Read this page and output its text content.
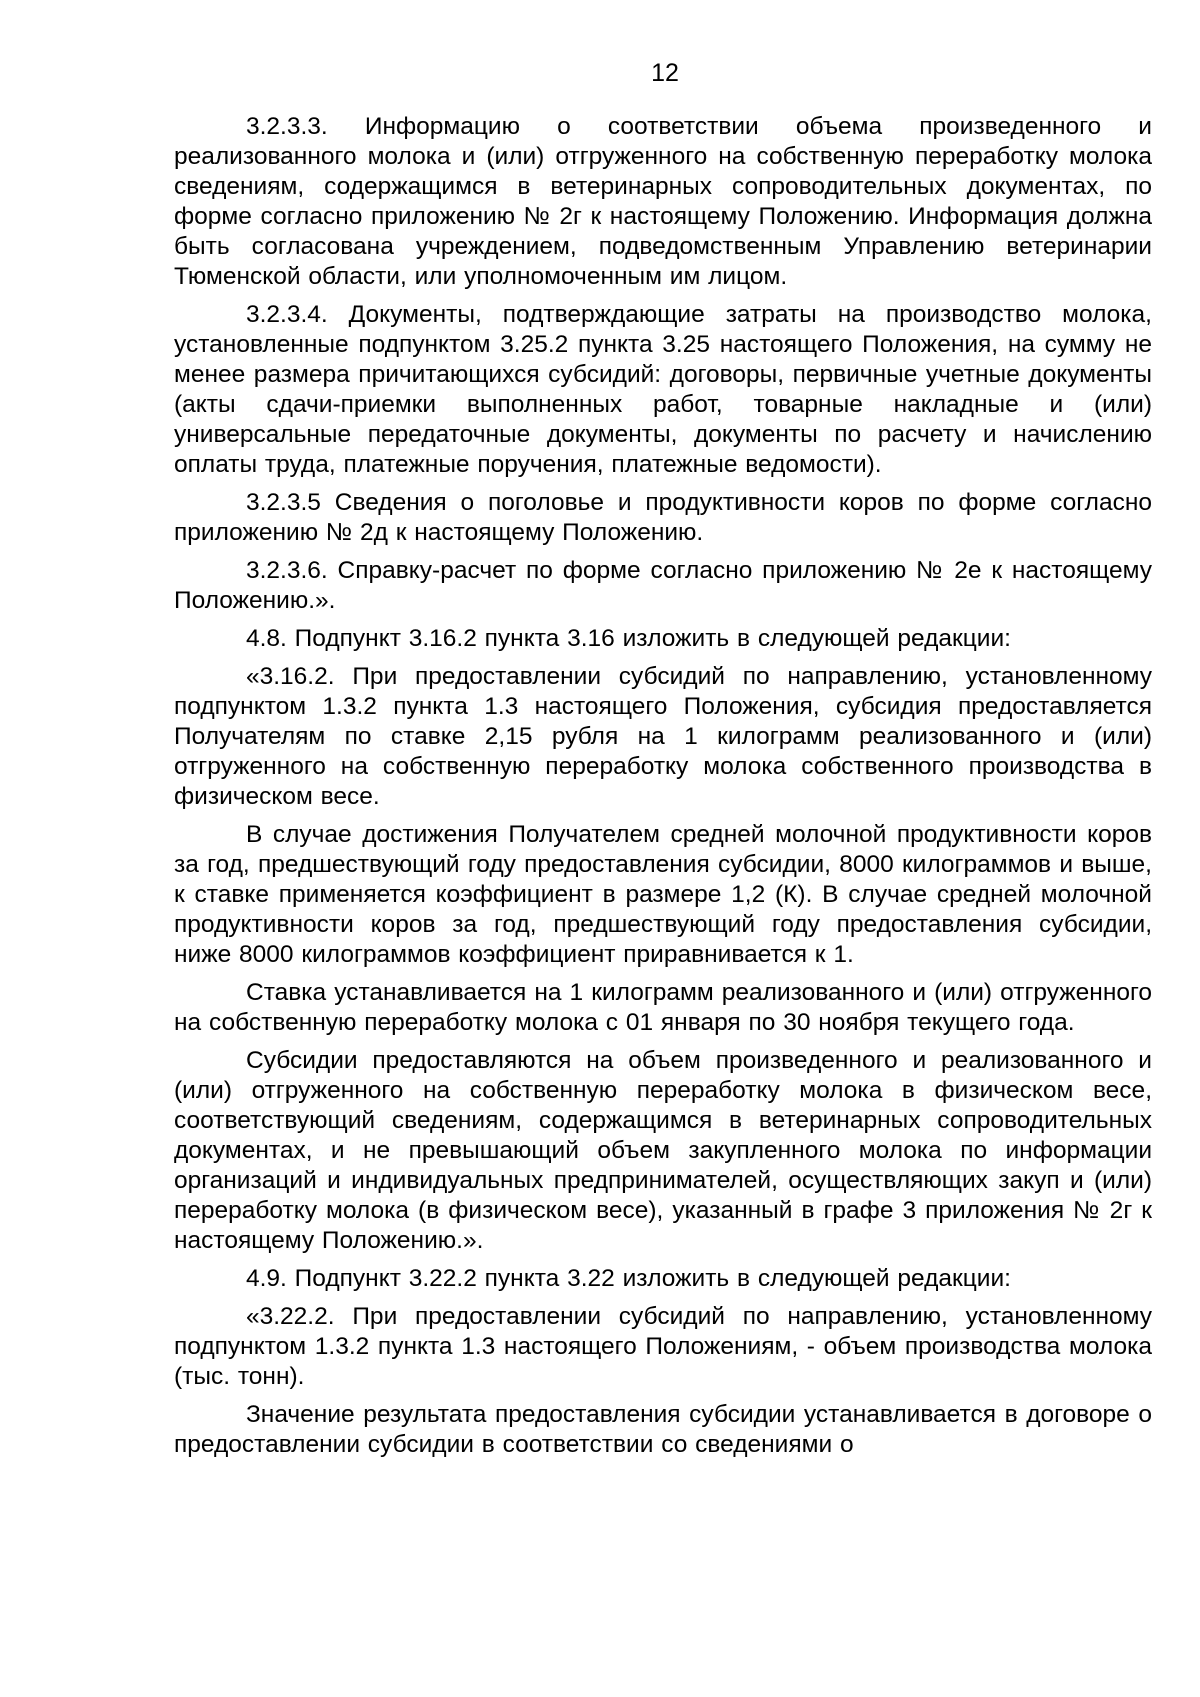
12

3.2.3.3. Информацию о соответствии объема произведенного и реализованного молока и (или) отгруженного на собственную переработку молока сведениям, содержащимся в ветеринарных сопроводительных документах, по форме согласно приложению № 2г к настоящему Положению. Информация должна быть согласована учреждением, подведомственным Управлению ветеринарии Тюменской области, или уполномоченным им лицом.

3.2.3.4. Документы, подтверждающие затраты на производство молока, установленные подпунктом 3.25.2 пункта 3.25 настоящего Положения, на сумму не менее размера причитающихся субсидий: договоры, первичные учетные документы (акты сдачи-приемки выполненных работ, товарные накладные и (или) универсальные передаточные документы, документы по расчету и начислению оплаты труда, платежные поручения, платежные ведомости).

3.2.3.5 Сведения о поголовье и продуктивности коров по форме согласно приложению № 2д к настоящему Положению.

3.2.3.6. Справку-расчет по форме согласно приложению № 2е к настоящему Положению.».

4.8. Подпункт 3.16.2 пункта 3.16 изложить в следующей редакции:

«3.16.2. При предоставлении субсидий по направлению, установленному подпунктом 1.3.2 пункта 1.3 настоящего Положения, субсидия предоставляется Получателям по ставке 2,15 рубля на 1 килограмм реализованного и (или) отгруженного на собственную переработку молока собственного производства в физическом весе.

В случае достижения Получателем средней молочной продуктивности коров за год, предшествующий году предоставления субсидии, 8000 килограммов и выше, к ставке применяется коэффициент в размере 1,2 (К). В случае средней молочной продуктивности коров за год, предшествующий году предоставления субсидии, ниже 8000 килограммов коэффициент приравнивается к 1.

Ставка устанавливается на 1 килограмм реализованного и (или) отгруженного на собственную переработку молока с 01 января по 30 ноября текущего года.

Субсидии предоставляются на объем произведенного и реализованного и (или) отгруженного на собственную переработку молока в физическом весе, соответствующий сведениям, содержащимся в ветеринарных сопроводительных документах, и не превышающий объем закупленного молока по информации организаций и индивидуальных предпринимателей, осуществляющих закуп и (или) переработку молока (в физическом весе), указанный в графе 3 приложения № 2г к настоящему Положению.».

4.9. Подпункт 3.22.2 пункта 3.22 изложить в следующей редакции:

«3.22.2. При предоставлении субсидий по направлению, установленному подпунктом 1.3.2 пункта 1.3 настоящего Положениям, - объем производства молока (тыс. тонн).

Значение результата предоставления субсидии устанавливается в договоре о предоставлении субсидии в соответствии со сведениями о
